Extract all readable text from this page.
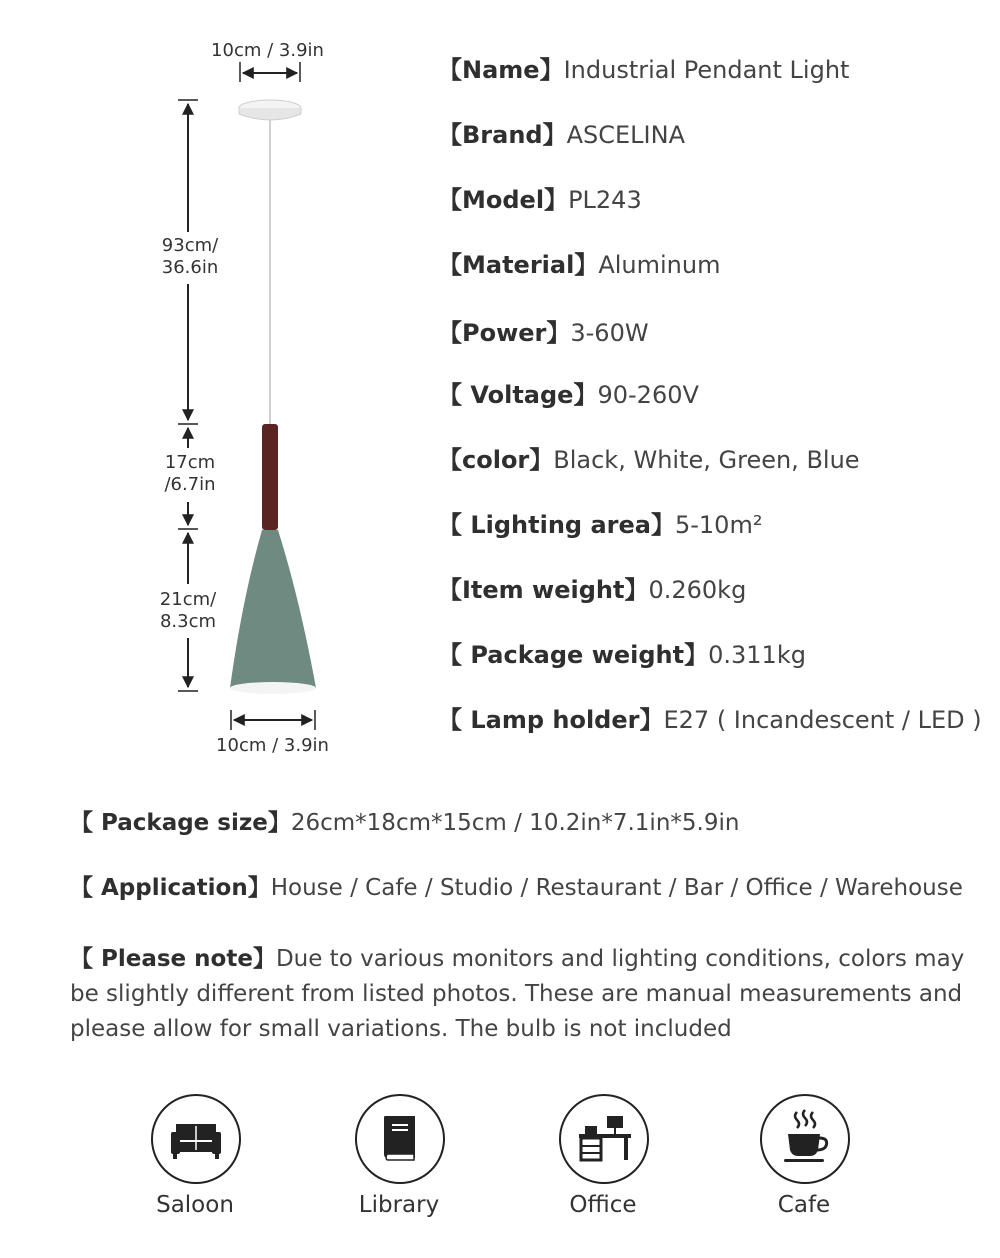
10cm / 3.9in
93cm/
36.6in
17cm
/6.7in
21cm/
8.3cm
10cm / 3.9in
【Name】Industrial Pendant Light
【Brand】ASCELINA
【Model】PL243
【Material】Aluminum
【Power】3-60W
【 Voltage】90-260V
【color】Black, White, Green, Blue
【 Lighting area】5-10m²
【Item weight】0.260kg
【 Package weight】0.311kg
【 Lamp holder】E27 ( Incandescent / LED )
【 Package size】26cm*18cm*15cm / 10.2in*7.1in*5.9in
【 Application】House / Cafe / Studio / Restaurant / Bar / Office / Warehouse
【 Please note】Due to various monitors and lighting conditions, colors may be slightly different from listed photos. These are manual measurements and please allow for small variations. The bulb is not included
Saloon	Library	Office	Cafe
